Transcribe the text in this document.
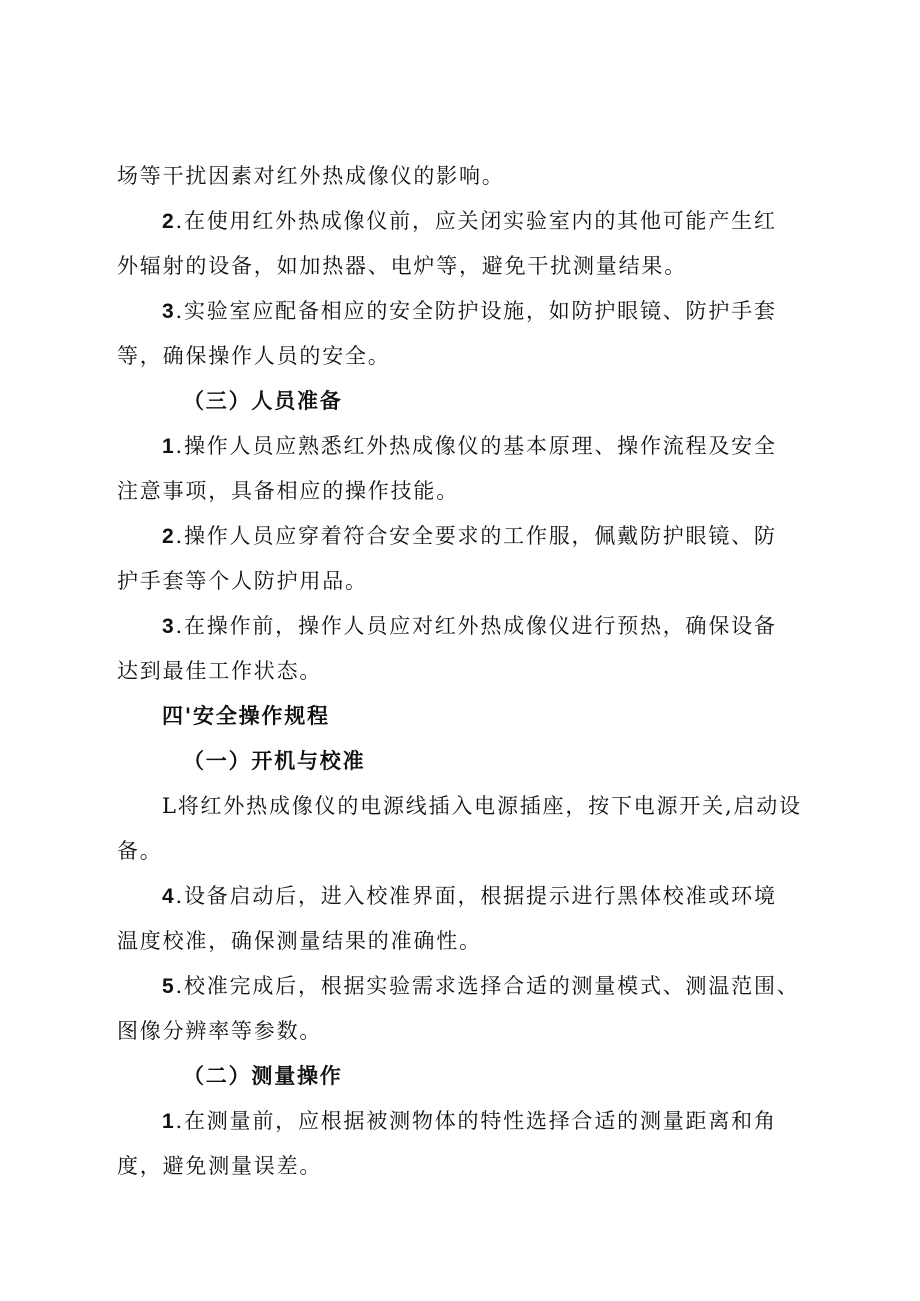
场等干扰因素对红外热成像仪的影响。
2.在使用红外热成像仪前，应关闭实验室内的其他可能产生红
外辐射的设备，如加热器、电炉等，避免干扰测量结果。
3.实验室应配备相应的安全防护设施，如防护眼镜、防护手套
等，确保操作人员的安全。
（三）人员准备
1.操作人员应熟悉红外热成像仪的基本原理、操作流程及安全
注意事项，具备相应的操作技能。
2.操作人员应穿着符合安全要求的工作服，佩戴防护眼镜、防
护手套等个人防护用品。
3.在操作前，操作人员应对红外热成像仪进行预热，确保设备
达到最佳工作状态。
四'安全操作规程
（一）开机与校准
L将红外热成像仪的电源线插入电源插座，按下电源开关,启动设
备。
4.设备启动后，进入校准界面，根据提示进行黑体校准或环境
温度校准，确保测量结果的准确性。
5.校准完成后，根据实验需求选择合适的测量模式、测温范围、
图像分辨率等参数。
（二）测量操作
1.在测量前，应根据被测物体的特性选择合适的测量距离和角
度，避免测量误差。
